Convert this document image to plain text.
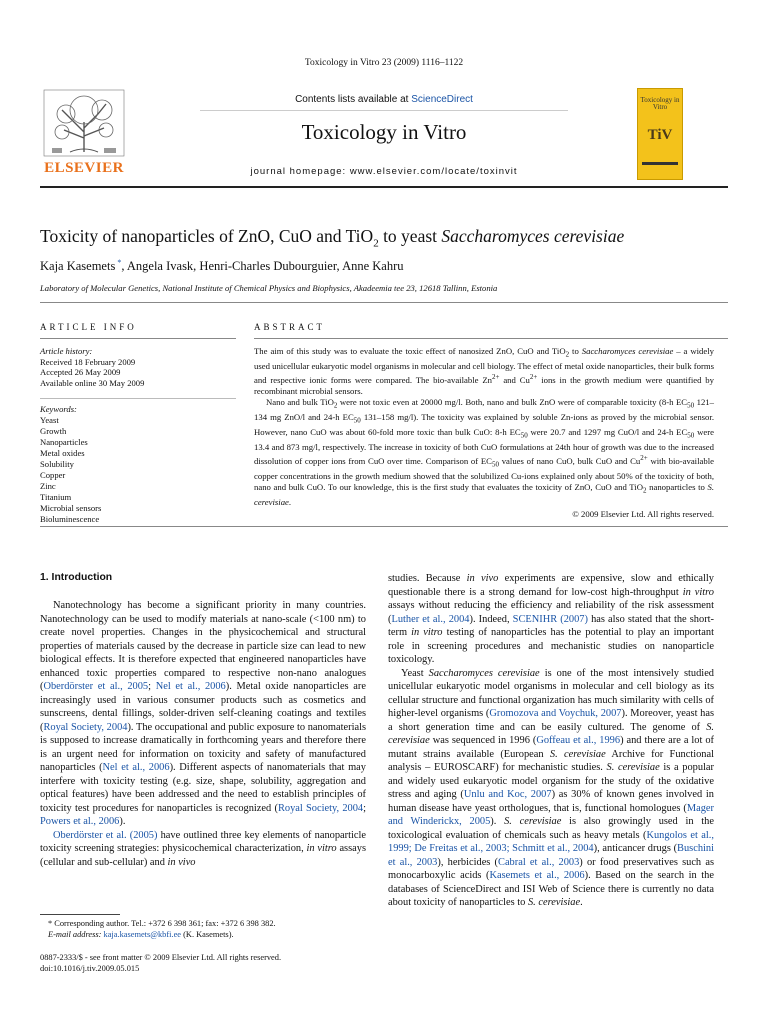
Toxicology in Vitro 23 (2009) 1116–1122
ELSEVIER
Contents lists available at ScienceDirect
Toxicology in Vitro
journal homepage: www.elsevier.com/locate/toxinvit
Toxicology in Vitro
TiV
Toxicity of nanoparticles of ZnO, CuO and TiO$_2$ to yeast Saccharomyces cerevisiae
Kaja Kasemets *, Angela Ivask, Henri-Charles Dubourguier, Anne Kahru
Laboratory of Molecular Genetics, National Institute of Chemical Physics and Biophysics, Akadeemia tee 23, 12618 Tallinn, Estonia
ARTICLE INFO	ABSTRACT
Article history:
Received 18 February 2009
Accepted 26 May 2009
Available online 30 May 2009
Keywords:
Yeast
Growth
Nanoparticles
Metal oxides
Solubility
Copper
Zinc
Titanium
Microbial sensors
Bioluminescence

The aim of this study was to evaluate the toxic effect of nanosized ZnO, CuO and TiO$_2$ to Saccharomyces cerevisiae – a widely used unicellular eukaryotic model organisms in molecular and cell biology. The effect of metal oxide nanoparticles, their bulk forms and respective ionic forms were compared. The bio-available $Zn^{2+}$ and $Cu^{2+}$ ions in the growth medium were quantified by recombinant microbial sensors.

Nano and bulk TiO$_2$ were not toxic even at 20000 mg/l. Both, nano and bulk ZnO were of comparable toxicity (8-h $EC_{50}$ 121–134 mg ZnO/l and 24-h $EC_{50}$ 131–158 mg/l). The toxicity was explained by soluble Zn-ions as proved by the microbial sensor. However, nano CuO was about 60-fold more toxic than bulk CuO: 8-h $EC_{50}$ were 20.7 and 1297 mg CuO/l and 24-h $EC_{50}$ were 13.4 and 873 mg/l, respectively. The increase in toxicity of both CuO formulations at 24th hour of growth was due to the increased dissolution of copper ions from CuO over time. Comparison of $EC_{50}$ values of nano CuO, bulk CuO and $Cu^{2+}$ with bio-available copper concentrations in the growth medium showed that the solubilized Cu-ions explained only about 50% of the toxicity of both, nano and bulk CuO. To our knowledge, this is the first study that evaluates the toxicity of ZnO, CuO and TiO$_2$ nanoparticles to S. cerevisiae.

© 2009 Elsevier Ltd. All rights reserved.
1. Introduction

Nanotechnology has become a significant priority in many countries. Nanotechnology can be used to modify materials at nano-scale (<100 nm) to create novel properties. Changes in the physicochemical and structural properties of materials caused by the decrease in particle size can lead to new biological effects. It is therefore expected that engineered nanoparticles have enhanced toxic properties compared to respective non-nano analogues (Oberdörster et al., 2005; Nel et al., 2006). Metal oxide nanoparticles are increasingly used in various consumer products such as cosmetics and sunscreens, dental fillings, solder-driven self-cleaning coatings and textiles (Royal Society, 2004). The occupational and public exposure to nanomaterials is supposed to increase dramatically in forthcoming years and therefore there is an urgent need for information on toxicity and safety of manufactured nanoparticles (Nel et al., 2006). Different aspects of nanomaterials that may interfere with toxicity testing (e.g. size, shape, solubility, aggregation and optical features) have been addressed and the need to establish principles of toxicity test procedures for nanoparticles is recognized (Royal Society, 2004; Powers et al., 2006).

Oberdörster et al. (2005) have outlined three key elements of nanoparticle toxicity screening strategies: physicochemical characterization, in vitro assays (cellular and sub-cellular) and in vivo

studies. Because in vivo experiments are expensive, slow and ethically questionable there is a strong demand for low-cost high-throughput in vitro assays without reducing the efficiency and reliability of the risk assessment (Luther et al., 2004). Indeed, SCENIHR (2007) has also stated that the short-term in vitro testing of nanoparticles has the potential to play an important role in screening procedures and mechanistic studies on nanoparticle toxicology.

Yeast Saccharomyces cerevisiae is one of the most intensively studied unicellular eukaryotic model organisms in molecular and cell biology as its cellular structure and functional organization has much similarity with cells of higher-level organisms (Gromozova and Voychuk, 2007). Moreover, yeast has a short generation time and can be easily cultured. The genome of S. cerevisiae was sequenced in 1996 (Goffeau et al., 1996) and there are a lot of mutant strains available (European S. cerevisiae Archive for Functional analysis – EUROSCARF) for mechanistic studies. S. cerevisiae is a popular and widely used eukaryotic model organism for the study of the oxidative stress and aging (Unlu and Koc, 2007) as 30% of known genes involved in human disease have yeast orthologues, that is, functional homologues (Mager and Winderickx, 2005). S. cerevisiae is also growingly used in the toxicological evaluation of chemicals such as heavy metals (Kungolos et al., 1999; De Freitas et al., 2003; Schmitt et al., 2004), anticancer drugs (Buschini et al., 2003), herbicides (Cabral et al., 2003) or food preservatives such as monocarboxylic acids (Kasemets et al., 2006). Based on the search in the databases of ScienceDirect and ISI Web of Science there is currently no data about toxicity of nanoparticles to S. cerevisiae.

* Corresponding author. Tel.: +372 6 398 361; fax: +372 6 398 382.
E-mail address: kaja.kasemets@kbfi.ee (K. Kasemets).
0887-2333/$ - see front matter © 2009 Elsevier Ltd. All rights reserved.
doi:10.1016/j.tiv.2009.05.015
